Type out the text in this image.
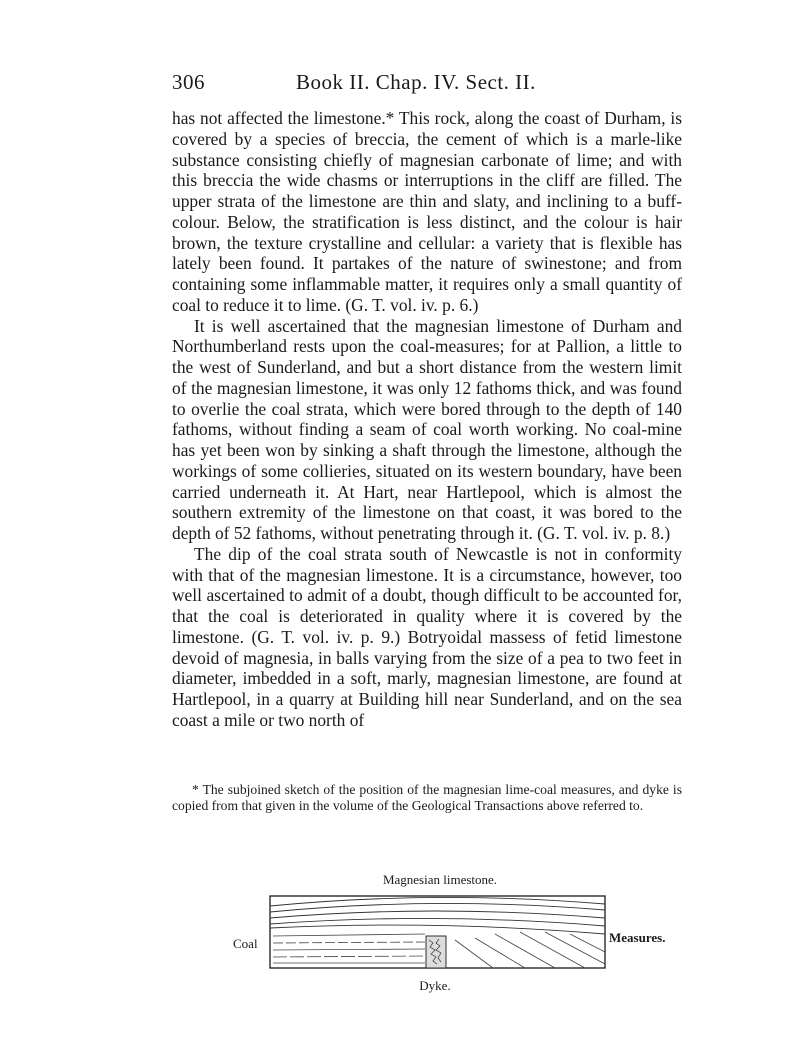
306	Book II. Chap. IV. Sect. II.

has not affected the limestone.* This rock, along the coast of Durham, is covered by a species of breccia, the cement of which is a marle-like substance consisting chiefly of magnesian carbonate of lime; and with this breccia the wide chasms or interruptions in the cliff are filled. The upper strata of the limestone are thin and slaty, and inclining to a buff-colour. Below, the stratification is less distinct, and the colour is hair brown, the texture crystalline and cellular: a variety that is flexible has lately been found. It partakes of the nature of swinestone; and from containing some inflammable matter, it requires only a small quantity of coal to reduce it to lime. (G. T. vol. iv. p. 6.)

It is well ascertained that the magnesian limestone of Durham and Northumberland rests upon the coal-measures; for at Pallion, a little to the west of Sunderland, and but a short distance from the western limit of the magnesian limestone, it was only 12 fathoms thick, and was found to overlie the coal strata, which were bored through to the depth of 140 fathoms, without finding a seam of coal worth working. No coal-mine has yet been won by sinking a shaft through the limestone, although the workings of some collieries, situated on its western boundary, have been carried underneath it. At Hart, near Hartlepool, which is almost the southern extremity of the limestone on that coast, it was bored to the depth of 52 fathoms, without penetrating through it. (G. T. vol. iv. p. 8.)

The dip of the coal strata south of Newcastle is not in conformity with that of the magnesian limestone. It is a circumstance, however, too well ascertained to admit of a doubt, though difficult to be accounted for, that the coal is deteriorated in quality where it is covered by the limestone. (G. T. vol. iv. p. 9.) Botryoidal massess of fetid limestone devoid of magnesia, in balls varying from the size of a pea to two feet in diameter, imbedded in a soft, marly, magnesian limestone, are found at Hartlepool, in a quarry at Building hill near Sunderland, and on the sea coast a mile or two north of

* The subjoined sketch of the position of the magnesian lime-coal measures, and dyke is copied from that given in the volume of the Geological Transactions above referred to.

Magnesian limestone.
Coal	Measures.
Dyke.
